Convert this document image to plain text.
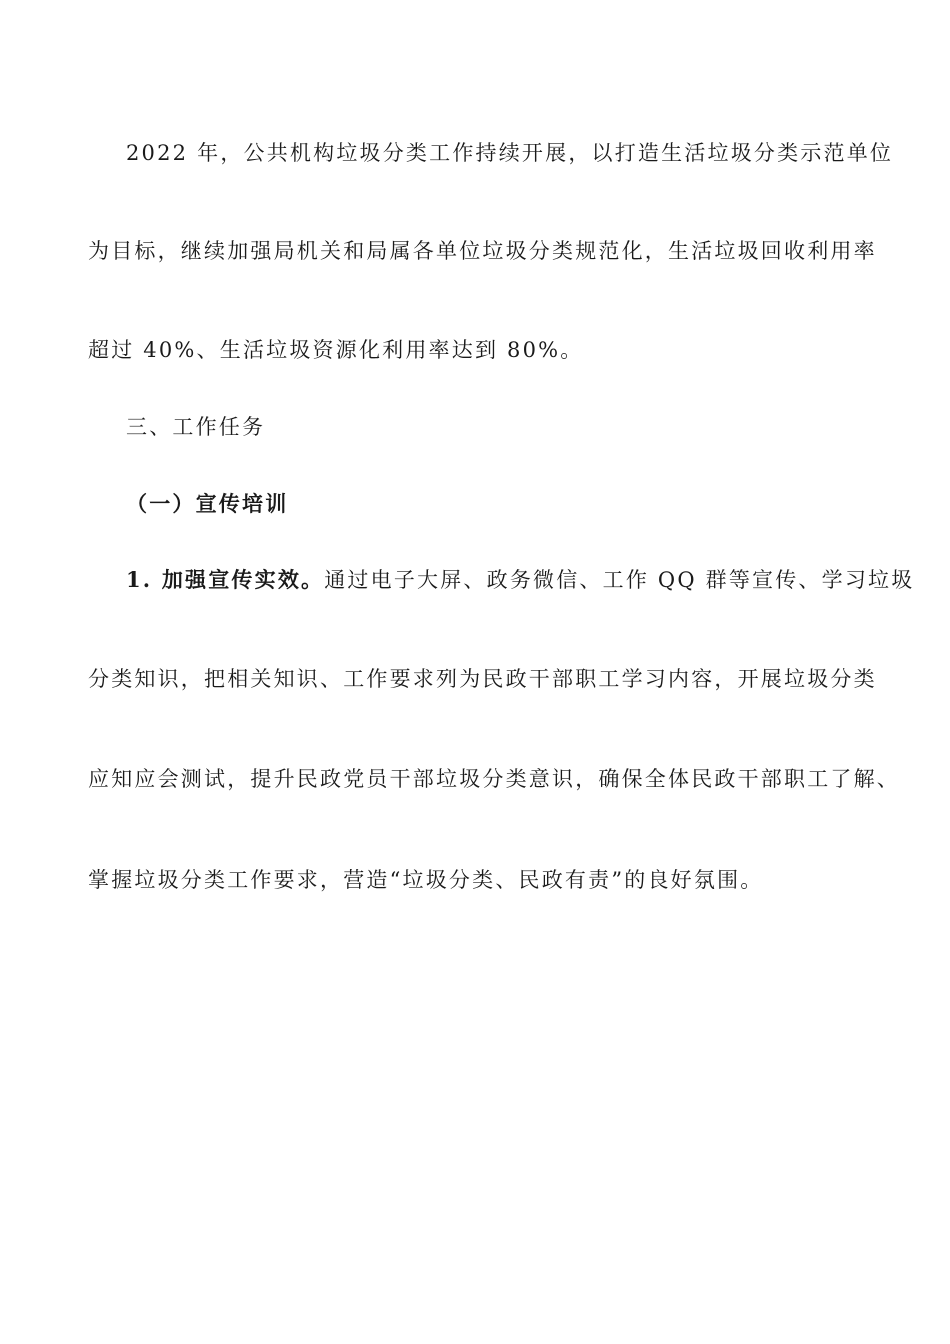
2022 年，公共机构垃圾分类工作持续开展，以打造生活垃圾分类示范单位
为目标，继续加强局机关和局属各单位垃圾分类规范化，生活垃圾回收利用率
超过 40%、生活垃圾资源化利用率达到 80%。
三、工作任务
（一）宣传培训
1. 加强宣传实效。通过电子大屏、政务微信、工作 QQ 群等宣传、学习垃圾
分类知识，把相关知识、工作要求列为民政干部职工学习内容，开展垃圾分类
应知应会测试，提升民政党员干部垃圾分类意识，确保全体民政干部职工了解、
掌握垃圾分类工作要求，营造“垃圾分类、民政有责”的良好氛围。
